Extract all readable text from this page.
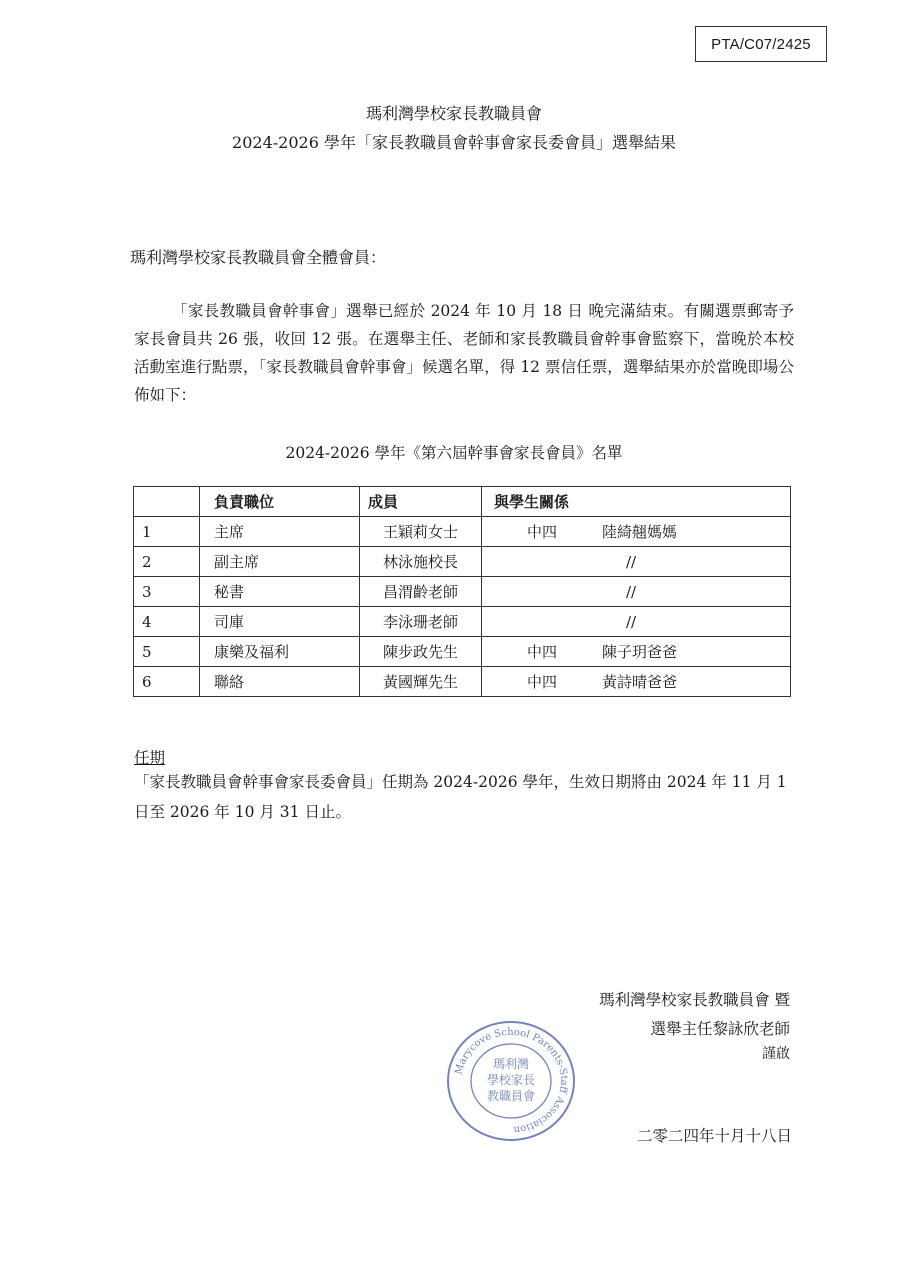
PTA/C07/2425
瑪利灣學校家長教職員會
2024-2026 學年「家長教職員會幹事會家長委會員」選舉結果
瑪利灣學校家長教職員會全體會員：
「家長教職員會幹事會」選舉已經於 2024 年 10 月 18 日 晚完滿結束。有關選票郵寄予家長會員共 26 張，收回 12 張。在選舉主任、老師和家長教職員會幹事會監察下，當晚於本校活動室進行點票，「家長教職員會幹事會」候選名單，得 12 票信任票，選舉結果亦於當晚即場公佈如下：
2024-2026 學年《第六屆幹事會家長會員》名單
	負責職位	成員	與學生關係
1	主席	王穎莉女士	中四 陸綺翹媽媽
2	副主席	林泳施校長	//

3	秘書	昌渭齡老師	//

4	司庫	李泳珊老師	//

5	康樂及福利	陳步政先生	中四 陳子玥爸爸
6	聯絡	黃國輝先生	中四 黃詩晴爸爸
任期
「家長教職員會幹事會家長委會員」任期為 2024-2026 學年，生效日期將由 2024 年 11 月 1 日至 2026 年 10 月 31 日止。
瑪利灣學校家長教職員會 暨
選舉主任黎詠欣老師
謹啟
二零二四年十月十八日
Marycove School Parents-Staff Association
瑪利灣
學校家長
教職員會
